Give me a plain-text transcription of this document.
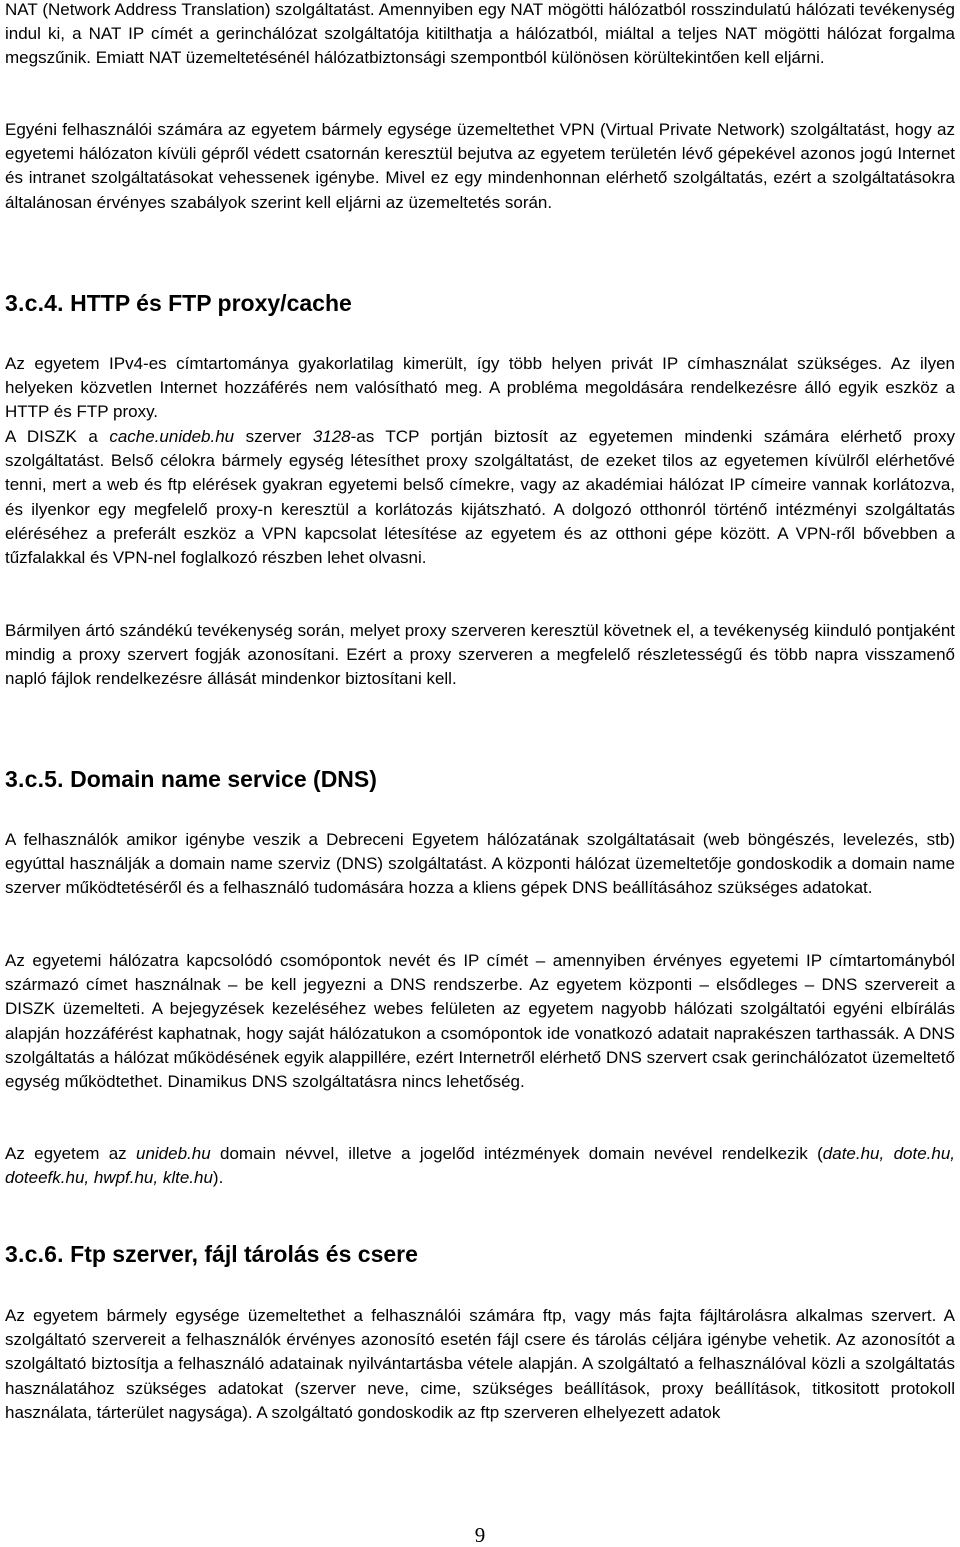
NAT (Network Address Translation) szolgáltatást. Amennyiben egy NAT mögötti hálózatból rosszindulatú hálózati tevékenység indul ki, a NAT IP címét a gerinchálózat szolgáltatója kitilthatja a hálózatból, miáltal a teljes NAT mögötti hálózat forgalma megszűnik. Emiatt NAT üzemeltetésénél hálózatbiztonsági szempontból különösen körültekintően kell eljárni.

Egyéni felhasználói számára az egyetem bármely egysége üzemeltethet VPN (Virtual Private Network) szolgáltatást, hogy az egyetemi hálózaton kívüli gépről védett csatornán keresztül bejutva az egyetem területén lévő gépekével azonos jogú Internet és intranet szolgáltatásokat vehessenek igénybe. Mivel ez egy mindenhonnan elérhető szolgáltatás, ezért a szolgáltatásokra általánosan érvényes szabályok szerint kell eljárni az üzemeltetés során.

3.c.4. HTTP és FTP proxy/cache

Az egyetem IPv4-es címtartománya gyakorlatilag kimerült, így több helyen privát IP címhasználat szükséges. Az ilyen helyeken közvetlen Internet hozzáférés nem valósítható meg. A probléma megoldására rendelkezésre álló egyik eszköz a HTTP és FTP proxy.

A DISZK a cache.unideb.hu szerver 3128-as TCP portján biztosít az egyetemen mindenki számára elérhető proxy szolgáltatást. Belső célokra bármely egység létesíthet proxy szolgáltatást, de ezeket tilos az egyetemen kívülről elérhetővé tenni, mert a web és ftp elérések gyakran egyetemi belső címekre, vagy az akadémiai hálózat IP címeire vannak korlátozva, és ilyenkor egy megfelelő proxy-n keresztül a korlátozás kijátszható. A dolgozó otthonról történő intézményi szolgáltatás eléréséhez a preferált eszköz a VPN kapcsolat létesítése az egyetem és az otthoni gépe között. A VPN-ről bővebben a tűzfalakkal és VPN-nel foglalkozó részben lehet olvasni.

Bármilyen ártó szándékú tevékenység során, melyet proxy szerveren keresztül követnek el, a tevékenység kiinduló pontjaként mindig a proxy szervert fogják azonosítani. Ezért a proxy szerveren a megfelelő részletességű és több napra visszamenő napló fájlok rendelkezésre állását mindenkor biztosítani kell.

3.c.5. Domain name service (DNS)

A felhasználók amikor igénybe veszik a Debreceni Egyetem hálózatának szolgáltatásait (web böngészés, levelezés, stb) egyúttal használják a domain name szerviz (DNS) szolgáltatást. A központi hálózat üzemeltetője gondoskodik a domain name szerver működtetéséről és a felhasználó tudomására hozza a kliens gépek DNS beállításához szükséges adatokat.

Az egyetemi hálózatra kapcsolódó csomópontok nevét és IP címét – amennyiben érvényes egyetemi IP címtartományból származó címet használnak – be kell jegyezni a DNS rendszerbe. Az egyetem központi – elsődleges – DNS szervereit a DISZK üzemelteti. A bejegyzések kezeléséhez webes felületen az egyetem nagyobb hálózati szolgáltatói egyéni elbírálás alapján hozzáférést kaphatnak, hogy saját hálózatukon a csomópontok ide vonatkozó adatait naprakészen tarthassák. A DNS szolgáltatás a hálózat működésének egyik alappillére, ezért Internetről elérhető DNS szervert csak gerinchálózatot üzemeltető egység működtethet. Dinamikus DNS szolgáltatásra nincs lehetőség.

Az egyetem az unideb.hu domain névvel, illetve a jogelőd intézmények domain nevével rendelkezik (date.hu, dote.hu, doteefk.hu, hwpf.hu, klte.hu).

3.c.6. Ftp szerver, fájl tárolás és csere

Az egyetem bármely egysége üzemeltethet a felhasználói számára ftp, vagy más fajta fájltárolásra alkalmas szervert. A szolgáltató szervereit a felhasználók érvényes azonosító esetén fájl csere és tárolás céljára igénybe vehetik. Az azonosítót a szolgáltató biztosítja a felhasználó adatainak nyilvántartásba vétele alapján. A szolgáltató a felhasználóval közli a szolgáltatás használatához szükséges adatokat (szerver neve, cime, szükséges beállítások, proxy beállítások, titkositott protokoll használata, tárterület nagysága). A szolgáltató gondoskodik az ftp szerveren elhelyezett adatok

9
